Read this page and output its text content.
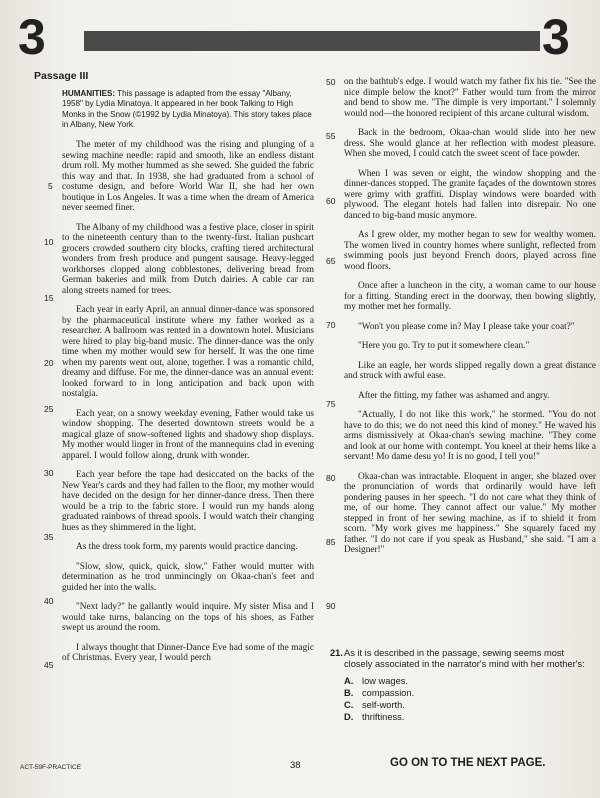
3	3
Passage III

HUMANITIES: This passage is adapted from the essay "Albany, 1958" by Lydia Minatoya. It appeared in her book Talking to High Monks in the Snow (©1992 by Lydia Minatoya). This story takes place in Albany, New York.

The meter of my childhood was the rising and plunging of a sewing machine needle: rapid and smooth, like an endless distant drum roll. My mother hummed as she sewed. She guided the fabric this way and that. In 1938, she had graduated from a school of costume design, and before World War II, she had her own boutique in Los Angeles. It was a time when the dream of America never seemed finer.

The Albany of my childhood was a festive place, closer in spirit to the nineteenth century than to the twenty-first. Italian pushcart grocers crowded southern city blocks, crafting tiered architectural wonders from fresh produce and pungent sausage. Heavy-legged workhorses clopped along cobblestones, delivering bread from German bakeries and milk from Dutch dairies. A cable car ran along streets named for trees.

Each year in early April, an annual dinner-dance was sponsored by the pharmaceutical institute where my father worked as a researcher. A ballroom was rented in a downtown hotel. Musicians were hired to play big-band music. The dinner-dance was the only time when my mother would sew for herself. It was the one time when my parents went out, alone, together. I was a romantic child, dreamy and diffuse. For me, the dinner-dance was an annual event: looked forward to in long anticipation and back upon with nostalgia.

Each year, on a snowy weekday evening, Father would take us window shopping. The deserted downtown streets would be a magical glaze of snow-softened lights and shadowy shop displays. My mother would linger in front of the mannequins clad in evening apparel. I would follow along, drunk with wonder.

Each year before the tape had desiccated on the backs of the New Year's cards and they had fallen to the floor, my mother would have decided on the design for her dinner-dance dress. Then there would be a trip to the fabric store. I would run my hands along graduated rainbows of thread spools. I would watch their changing hues as they shimmered in the light.

As the dress took form, my parents would practice dancing.

"Slow, slow, quick, quick, slow," Father would mutter with determination as he trod unmincingly on Okaa-chan's feet and guided her into the walls.

"Next lady?" he gallantly would inquire. My sister Misa and I would take turns, balancing on the tops of his shoes, as Father swept us around the room.

I always thought that Dinner-Dance Eve had some of the magic of Christmas. Every year, I would perch

on the bathtub's edge. I would watch my father fix his tie. "See the nice dimple below the knot?" Father would turn from the mirror and bend to show me. "The dimple is very important." I solemnly would nod—the honored recipient of this arcane cultural wisdom.

Back in the bedroom, Okaa-chan would slide into her new dress. She would glance at her reflection with modest pleasure. When she moved, I could catch the sweet scent of face powder.

When I was seven or eight, the window shopping and the dinner-dances stopped. The granite façades of the downtown stores were grimy with graffiti. Display windows were boarded with plywood. The elegant hotels had fallen into disrepair. No one danced to big-band music anymore.

As I grew older, my mother began to sew for wealthy women. The women lived in country homes where sunlight, reflected from swimming pools just beyond French doors, played across fine wood floors.

Once after a luncheon in the city, a woman came to our house for a fitting. Standing erect in the doorway, then bowing slightly, my mother met her formally.

"Won't you please come in? May I please take your coat?"

"Here you go. Try to put it somewhere clean."

Like an eagle, her words slipped regally down a great distance and struck with awful ease.

After the fitting, my father was ashamed and angry.

"Actually, I do not like this work," he stormed. "You do not have to do this; we do not need this kind of money." He waved his arms dismissively at Okaa-chan's sewing machine. "They come and look at our home with contempt. You kneel at their hems like a servant! Mo dame desu yo! It is no good, I tell you!"

Okaa-chan was intractable. Eloquent in anger, she blazed over the pronunciation of words that ordinarily would have left pondering pauses in her speech. "I do not care what they think of me, of our home. They cannot affect our value." My mother stepped in front of her sewing machine, as if to shield it from scorn. "My work gives me happiness." She squarely faced my father. "I do not care if you speak as Husband," she said. "I am a Designer!"

5
10
15
20
25
30
35
40
45
50
55
60
65
70
75
80
85
90
21. As it is described in the passage, sewing seems most closely associated in the narrator's mind with her mother's:
A. low wages.
B. compassion.
C. self-worth.
D. thriftiness.
ACT-59F-PRACTICE	38	GO ON TO THE NEXT PAGE.
